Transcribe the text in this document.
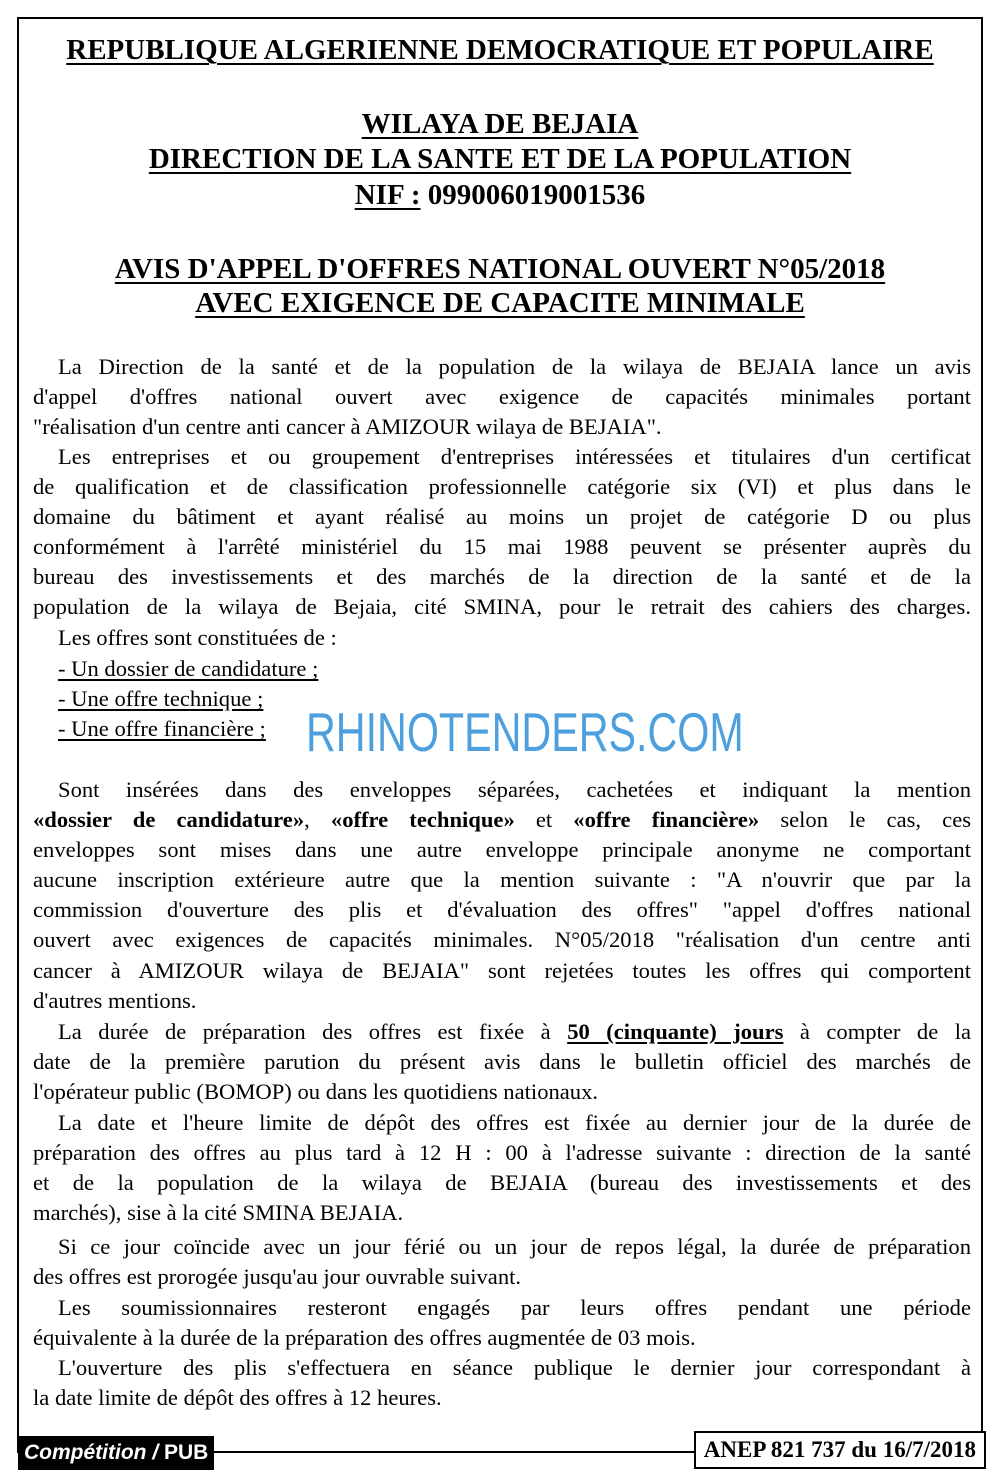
REPUBLIQUE ALGERIENNE DEMOCRATIQUE ET POPULAIRE
WILAYA DE BEJAIA
DIRECTION DE LA SANTE ET DE LA POPULATION
NIF : 099006019001536
AVIS D'APPEL D'OFFRES NATIONAL OUVERT N°05/2018
AVEC EXIGENCE DE CAPACITE MINIMALE
La Direction de la santé et de la population de la wilaya de BEJAIA lance un avis
d'appel d'offres national ouvert avec exigence de capacités minimales portant
"réalisation d'un centre anti cancer à AMIZOUR wilaya de BEJAIA".
Les entreprises et ou groupement d'entreprises intéressées et titulaires d'un certificat
de qualification et de classification professionnelle catégorie six (VI) et plus dans le
domaine du bâtiment et ayant réalisé au moins un projet de catégorie D ou plus
conformément à l'arrêté ministériel du 15 mai 1988 peuvent se présenter auprès du
bureau des investissements et des marchés de la direction de la santé et de la
population de la wilaya de Bejaia, cité SMINA, pour le retrait des cahiers des charges.
Les offres sont constituées de :
- Un dossier de candidature ;
- Une offre technique ;
- Une offre financière ; RHINOTENDERS.COM
Sont insérées dans des enveloppes séparées, cachetées et indiquant la mention
«dossier de candidature», «offre technique» et «offre financière» selon le cas, ces
enveloppes sont mises dans une autre enveloppe principale anonyme ne comportant
aucune inscription extérieure autre que la mention suivante : "A n'ouvrir que par la
commission d'ouverture des plis et d'évaluation des offres" "appel d'offres national
ouvert avec exigences de capacités minimales. N°05/2018 "réalisation d'un centre anti
cancer à AMIZOUR wilaya de BEJAIA" sont rejetées toutes les offres qui comportent
d'autres mentions.
La durée de préparation des offres est fixée à 50 (cinquante) jours à compter de la
date de la première parution du présent avis dans le bulletin officiel des marchés de
l'opérateur public (BOMOP) ou dans les quotidiens nationaux.
La date et l'heure limite de dépôt des offres est fixée au dernier jour de la durée de
préparation des offres au plus tard à 12 H : 00 à l'adresse suivante : direction de la santé
et de la population de la wilaya de BEJAIA (bureau des investissements et des
marchés), sise à la cité SMINA BEJAIA.
Si ce jour coïncide avec un jour férié ou un jour de repos légal, la durée de préparation
des offres est prorogée jusqu'au jour ouvrable suivant.
Les soumissionnaires resteront engagés par leurs offres pendant une période
équivalente à la durée de la préparation des offres augmentée de 03 mois.
L'ouverture des plis s'effectuera en séance publique le dernier jour correspondant à
la date limite de dépôt des offres à 12 heures.
Compétition / PUB	ANEP 821 737 du 16/7/2018
